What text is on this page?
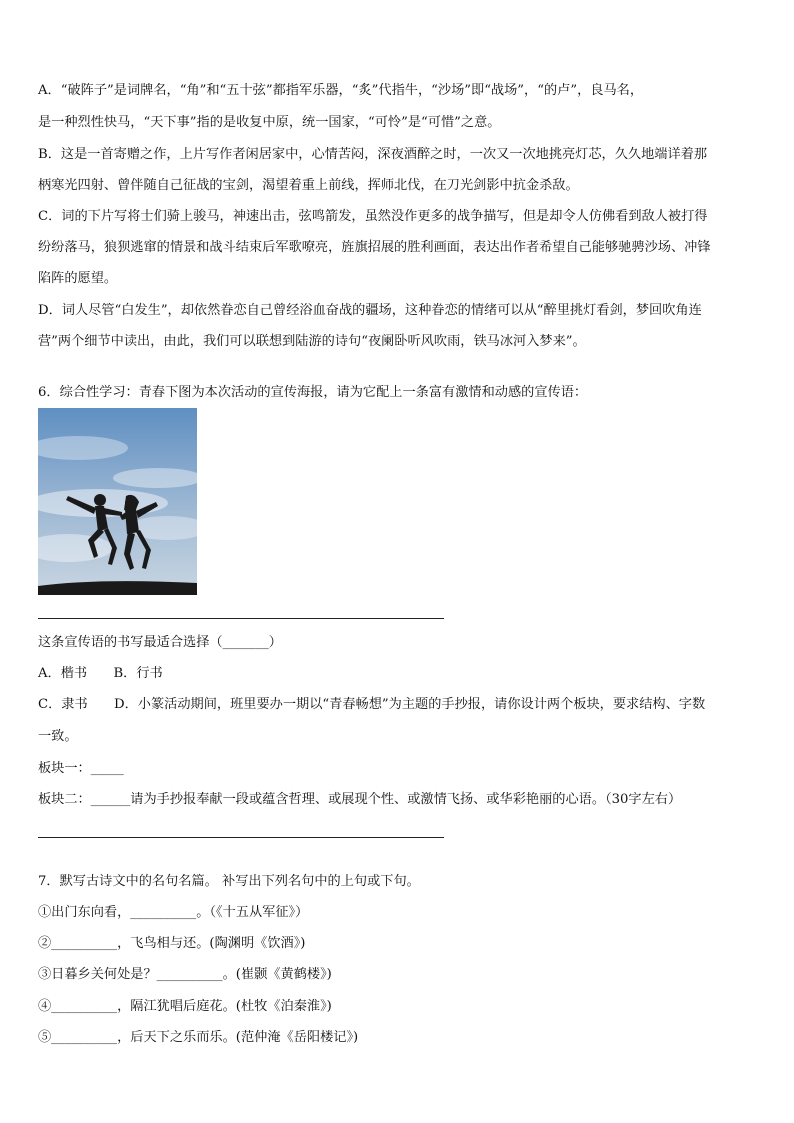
A．“破阵子”是词牌名，“角”和“五十弦”都指军乐器，“炙”代指牛，“沙场”即“战场”，“的卢”，良马名，
是一种烈性快马，“天下事”指的是收复中原，统一国家，“可怜”是“可惜”之意。
B．这是一首寄赠之作，上片写作者闲居家中，心情苦闷，深夜酒醉之时，一次又一次地挑亮灯芯，久久地端详着那
柄寒光四射、曾伴随自己征战的宝剑，渴望着重上前线，挥师北伐，在刀光剑影中抗金杀敌。
C．词的下片写将士们骑上骏马，神速出击，弦鸣箭发，虽然没作更多的战争描写，但是却令人仿佛看到敌人被打得
纷纷落马，狼狈逃窜的情景和战斗结束后军歌嘹亮，旌旗招展的胜利画面，表达出作者希望自己能够驰骋沙场、冲锋
陷阵的愿望。
D．词人尽管“白发生”，却依然眷恋自己曾经浴血奋战的疆场，这种眷恋的情绪可以从“醉里挑灯看剑，梦回吹角连
营”两个细节中读出，由此，我们可以联想到陆游的诗句“夜阑卧听风吹雨，铁马冰河入梦来”。
6．综合性学习：青春下图为本次活动的宣传海报，请为它配上一条富有激情和动感的宣传语：
这条宣传语的书写最适合选择（_______）
A．楷书　　B．行书
C．隶书　　D．小篆活动期间，班里要办一期以“青春畅想”为主题的手抄报，请你设计两个板块，要求结构、字数
一致。
板块一：_____
板块二：______请为手抄报奉献一段或蕴含哲理、或展现个性、或激情飞扬、或华彩艳丽的心语。（30字左右）
7．默写古诗文中的名句名篇。 补写出下列名句中的上句或下句。
①出门东向看，__________。（《十五从军征》）
②__________，飞鸟相与还。(陶渊明《饮酒》)
③日暮乡关何处是？__________。(崔颢《黄鹤楼》)
④__________，隔江犹唱后庭花。(杜牧《泊秦淮》)
⑤__________，后天下之乐而乐。(范仲淹《岳阳楼记》)
